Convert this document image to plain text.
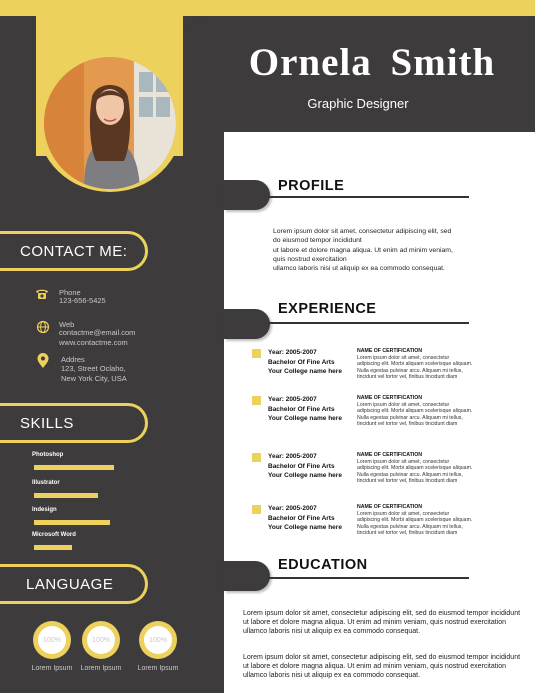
Ornela Smith
Graphic Designer
CONTACT ME:
Phone
123-656-5425
Web
contactme@email.com
www.contactme.com
Addres
123, Street Oclaho,
New York City, USA
SKILLS
Photoshop
Illustrator
Indesign
Microsoft Word
LANGUAGE
100%
Lorem Ipsum
100%
Lorem Ipsum
100%
Lorem Ipsum
PROFILE
Lorem ipsum dolor sit amet, consectetur adipiscing elit, sed
do eiusmod tempor incididunt
ut labore et dolore magna aliqua. Ut enim ad minim veniam,
quis nostrud exercitation
ullamco laboris nisi ut aliquip ex ea commodo consequat.
EXPERIENCE
Year: 2005-2007
Bachelor Of Fine Arts
Your College name here
NAME OF CERTIFICATION
Lorem ipsum dolor sit amet, consectetur
adipiscing elit. Morbi aliquam scelerisque aliquam.
Nulla egestas pulvinar arcu. Aliquam mi tellus,
tincidunt vel tortor vel, finibus tincidunt diam
Year: 2005-2007
Bachelor Of Fine Arts
Your College name here
NAME OF CERTIFICATION
Lorem ipsum dolor sit amet, consectetur
adipiscing elit. Morbi aliquam scelerisque aliquam.
Nulla egestas pulvinar arcu. Aliquam mi tellus,
tincidunt vel tortor vel, finibus tincidunt diam
Year: 2005-2007
Bachelor Of Fine Arts
Your College name here
NAME OF CERTIFICATION
Lorem ipsum dolor sit amet, consectetur
adipiscing elit. Morbi aliquam scelerisque aliquam.
Nulla egestas pulvinar arcu. Aliquam mi tellus,
tincidunt vel tortor vel, finibus tincidunt diam
Year: 2005-2007
Bachelor Of Fine Arts
Your College name here
NAME OF CERTIFICATION
Lorem ipsum dolor sit amet, consectetur
adipiscing elit. Morbi aliquam scelerisque aliquam.
Nulla egestas pulvinar arcu. Aliquam mi tellus,
tincidunt vel tortor vel, finibus tincidunt diam
EDUCATION
Lorem ipsum dolor sit amet, consectetur adipiscing elit, sed do eiusmod tempor incididunt
ut labore et dolore magna aliqua. Ut enim ad minim veniam, quis nostrud exercitation
ullamco laboris nisi ut aliquip ex ea commodo consequat.
Lorem ipsum dolor sit amet, consectetur adipiscing elit, sed do eiusmod tempor incididunt
ut labore et dolore magna aliqua. Ut enim ad minim veniam, quis nostrud exercitation
ullamco laboris nisi ut aliquip ex ea commodo consequat.
